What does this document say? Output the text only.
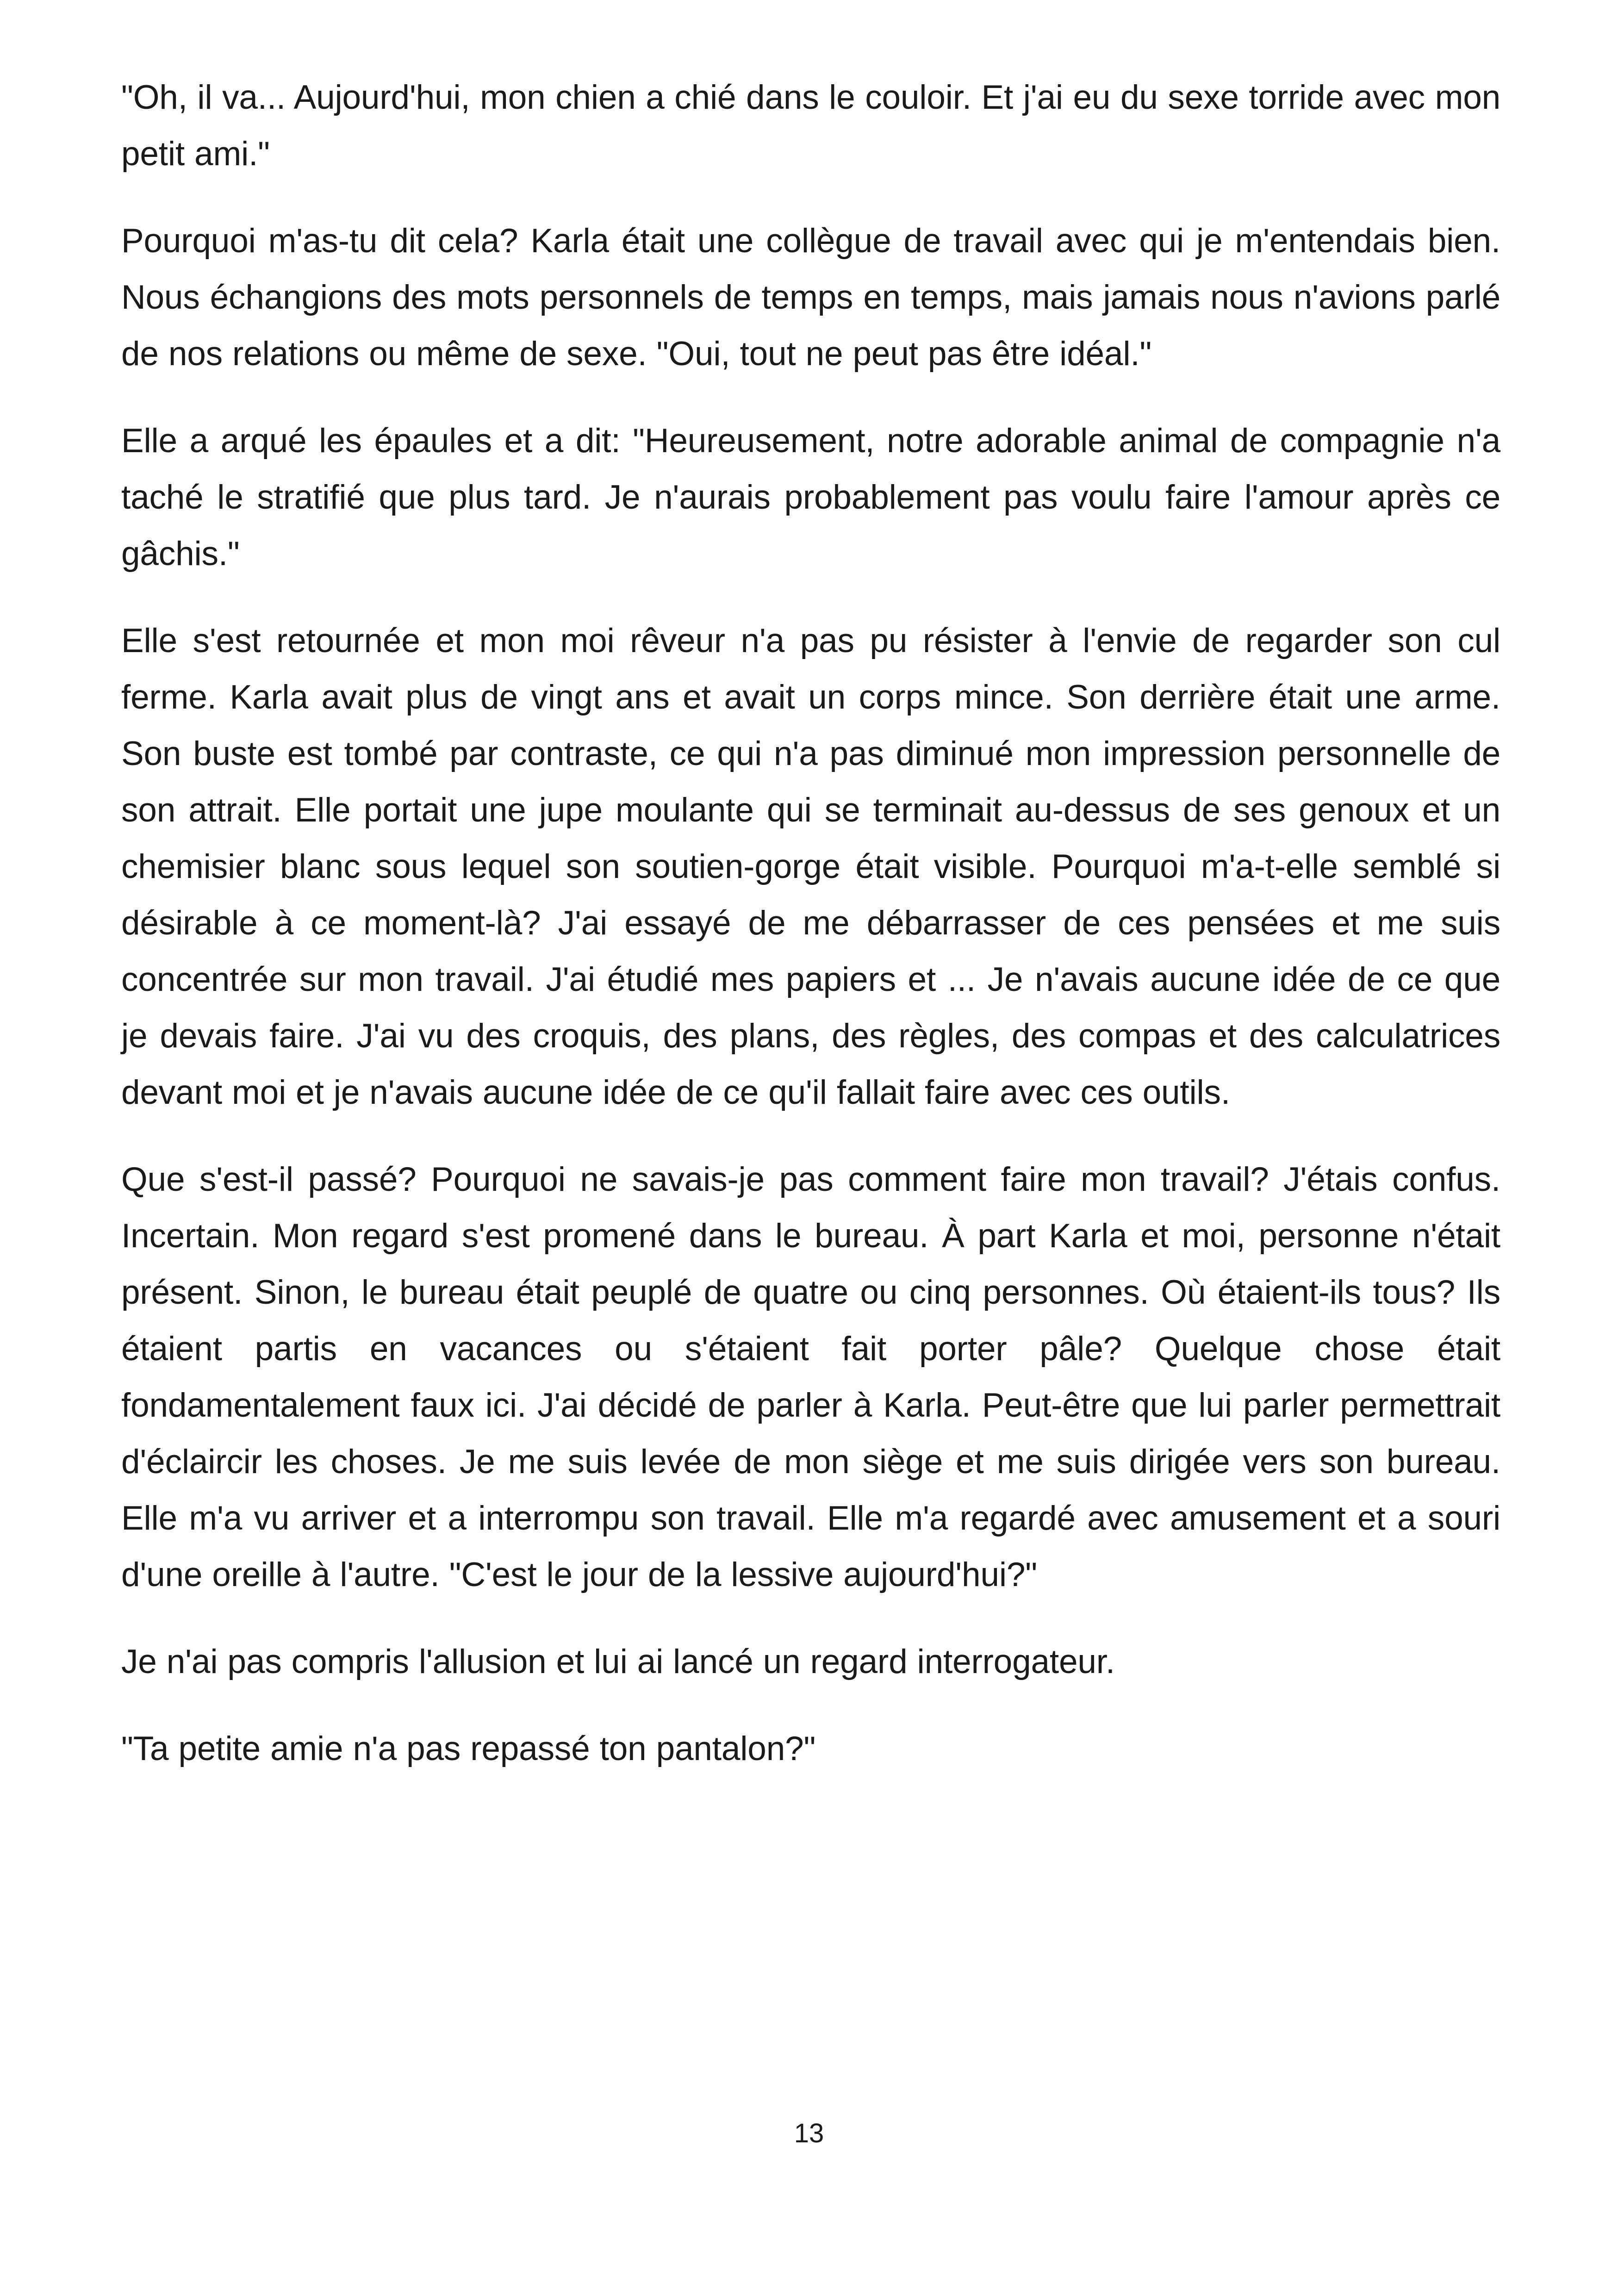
"Oh, il va... Aujourd'hui, mon chien a chié dans le couloir. Et j'ai eu du sexe torride avec mon petit ami."

Pourquoi m'as-tu dit cela? Karla était une collègue de travail avec qui je m'entendais bien. Nous échangions des mots personnels de temps en temps, mais jamais nous n'avions parlé de nos relations ou même de sexe. "Oui, tout ne peut pas être idéal."

Elle a arqué les épaules et a dit: "Heureusement, notre adorable animal de compagnie n'a taché le stratifié que plus tard. Je n'aurais probablement pas voulu faire l'amour après ce gâchis."

Elle s'est retournée et mon moi rêveur n'a pas pu résister à l'envie de regarder son cul ferme. Karla avait plus de vingt ans et avait un corps mince. Son derrière était une arme. Son buste est tombé par contraste, ce qui n'a pas diminué mon impression personnelle de son attrait. Elle portait une jupe moulante qui se terminait au-dessus de ses genoux et un chemisier blanc sous lequel son soutien-gorge était visible. Pourquoi m'a-t-elle semblé si désirable à ce moment-là? J'ai essayé de me débarrasser de ces pensées et me suis concentrée sur mon travail. J'ai étudié mes papiers et ... Je n'avais aucune idée de ce que je devais faire. J'ai vu des croquis, des plans, des règles, des compas et des calculatrices devant moi et je n'avais aucune idée de ce qu'il fallait faire avec ces outils.

Que s'est-il passé? Pourquoi ne savais-je pas comment faire mon travail? J'étais confus. Incertain. Mon regard s'est promené dans le bureau. À part Karla et moi, personne n'était présent. Sinon, le bureau était peuplé de quatre ou cinq personnes. Où étaient-ils tous? Ils étaient partis en vacances ou s'étaient fait porter pâle? Quelque chose était fondamentalement faux ici. J'ai décidé de parler à Karla. Peut-être que lui parler permettrait d'éclaircir les choses. Je me suis levée de mon siège et me suis dirigée vers son bureau. Elle m'a vu arriver et a interrompu son travail. Elle m'a regardé avec amusement et a souri d'une oreille à l'autre. "C'est le jour de la lessive aujourd'hui?"

Je n'ai pas compris l'allusion et lui ai lancé un regard interrogateur.

"Ta petite amie n'a pas repassé ton pantalon?"

13
